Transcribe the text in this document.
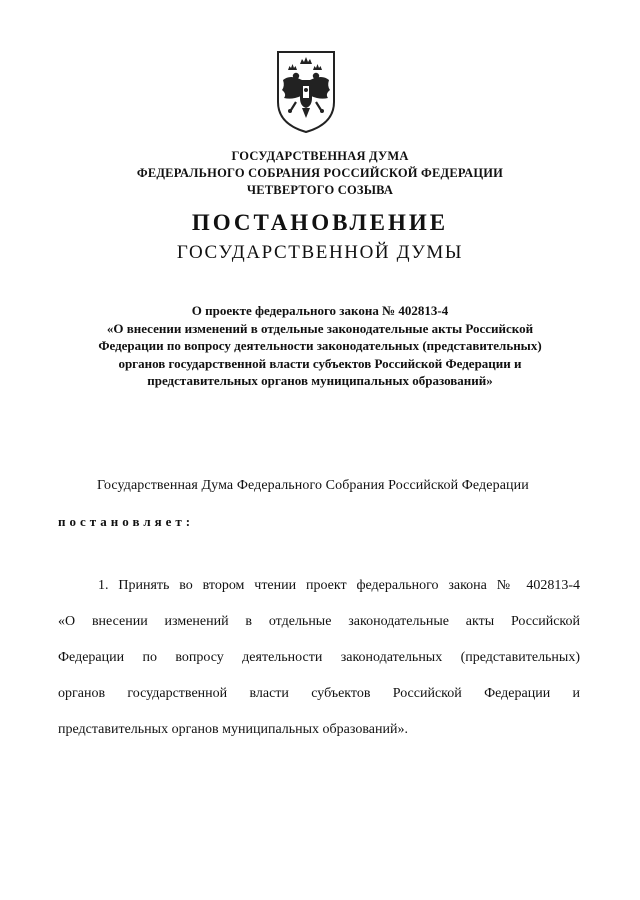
ГОСУДАРСТВЕННАЯ ДУМА
ФЕДЕРАЛЬНОГО СОБРАНИЯ РОССИЙСКОЙ ФЕДЕРАЦИИ
ЧЕТВЕРТОГО СОЗЫВА
ПОСТАНОВЛЕНИЕ
ГОСУДАРСТВЕННОЙ ДУМЫ
О проекте федерального закона № 402813-4
«О внесении изменений в отдельные законодательные акты Российской
Федерации по вопросу деятельности законодательных (представительных)
органов государственной власти субъектов Российской Федерации и
представительных органов муниципальных образований»
Государственная Дума Федерального Собрания Российской Федерации
постановляет:
1. Принять во втором чтении проект федерального закона № 402813-4
«О внесении изменений в отдельные законодательные акты Российской
Федерации по вопросу деятельности законодательных (представительных)
органов государственной власти субъектов Российской Федерации и
представительных органов муниципальных образований».
